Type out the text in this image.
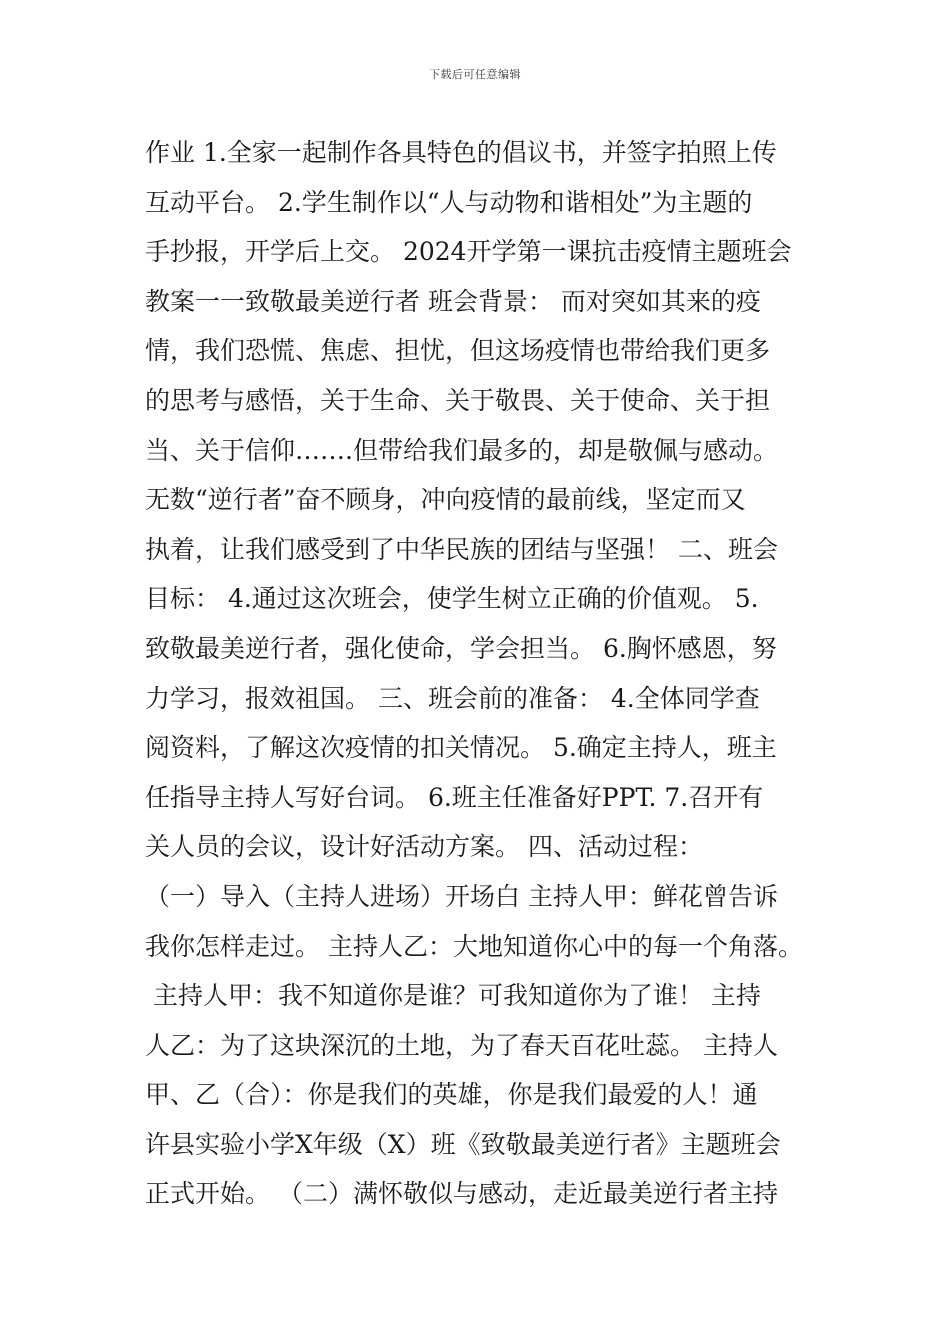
下载后可任意编辑
作业 1.全家一起制作各具特色的倡议书，并签字拍照上传
互动平台。 2.学生制作以“人与动物和谐相处”为主题的
手抄报，开学后上交。 2024开学第一课抗击疫情主题班会
教案一一致敬最美逆行者 班会背景： 而对突如其来的疫
情，我们恐慌、焦虑、担忧，但这场疫情也带给我们更多
的思考与感悟，关于生命、关于敬畏、关于使命、关于担
当、关于信仰…….但带给我们最多的，却是敬佩与感动。
无数“逆行者”奋不顾身，冲向疫情的最前线，坚定而又
执着，让我们感受到了中华民族的团结与坚强！ 二、班会
目标： 4.通过这次班会，使学生树立正确的价值观。 5.
致敬最美逆行者，强化使命，学会担当。 6.胸怀感恩，努
力学习，报效祖国。 三、班会前的准备： 4.全体同学查
阅资料，了解这次疫情的扣关情况。 5.确定主持人，班主
任指导主持人写好台词。 6.班主任准备好PPT. 7.召开有
关人员的会议，设计好活动方案。 四、活动过程：
（一）导入（主持人进场）开场白 主持人甲：鲜花曾告诉
我你怎样走过。 主持人乙：大地知道你心中的每一个角落。
主持人甲：我不知道你是谁？可我知道你为了谁！ 主持
人乙：为了这块深沉的土地，为了春天百花吐蕊。 主持人
甲、乙（合）：你是我们的英雄，你是我们最爱的人！通
许县实验小学X年级（X）班《致敬最美逆行者》主题班会
正式开始。 （二）满怀敬似与感动，走近最美逆行者主持
